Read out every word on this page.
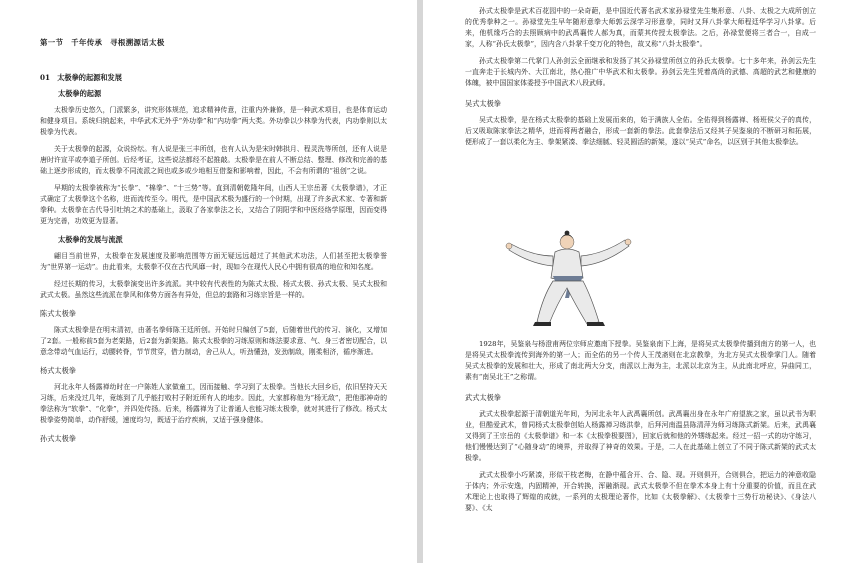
第一节　千年传承　寻根溯源话太极
01　太极拳的起源和发展
太极拳的起源

太极拳历史悠久，门派繁多，讲究形体规范，追求精神传意，注重内外兼修，是一种武术项目，也是体育运动和健身项目。系统归纳起来，中华武术无外乎“外功拳”和“内功拳”两大类。外功拳以少林拳为代表，内功拳则以太极拳为代表。

关于太极拳的起源，众说纷纭。有人说是张三丰所创，也有人认为是宋时韩拱月、程灵洗等所创，还有人说是唐时许宣平或李道子所创。后经考证，这些说法都经不起推敲。太极拳是在前人不断总结、整理、修改和完善的基础上逐步形成的，而太极拳不同流派之间也或多或少地相互借鉴和影响着，因此，不会有所谓的“祖创”之说。

早期的太极拳被称为“长拳”、“棉拳”、“十三势”等。直到清朝乾隆年间，山西人王宗岳著《太极拳谱》，才正式确定了太极拳这个名称，进而流传至今。明代，是中国武术极为盛行的一个时期，出现了许多武术家、专著和新拳种。太极拳在古代导引吐纳之术的基础上，汲取了各家拳法之长，又结合了阴阳学和中医经络学原理，因而变得更为完善，功效更为显著。

太极拳的发展与流派

翩目当前世界，太极拳在发展速度及影响范围等方面无疑远远超过了其他武术功法，人们甚至把太极拳誉为“世界第一运动”。由此看来，太极拳不仅在古代风靡一时，现如今在现代人民心中拥有很高的地位和知名度。

经过长期的传习，太极拳演变出许多流派。其中较有代表性的为陈式太极、杨式太极、孙式太极、吴式太极和武式太极。虽然这些流派在拳风和体势方面各有异处，但总的套路和习练宗旨是一样的。

陈式太极拳

陈式太极拳是在明末清初，由著名拳师陈王廷所创。开始时只编创了5套，后随着世代的传习、演化，又增加了2套。一般称前5套为老架路，后2套为新架路。陈式太极拳的习练原则和练法要求意、气、身三者密切配合，以意念带动气血运行，动腰转脊，节节贯穿，借力制动，舍己从人，听劲懂劲，发劲制敌，刚柔相济，循序渐进。

杨式太极拳

河北永年人杨露禅幼时在一户陈姓人家做童工，因而接触、学习到了太极拳。当他长大回乡后，依旧坚持天天习练，后来没过几年，竟练到了几乎能打败村子附近所有人的地步。因此，大家都称他为“杨无敌”，把他那神奇的拳法称为“软拳”、“化拳”，并四处传扬。后来，杨露禅为了让普通人也能习练太极拳，就对其进行了修改。杨式太极拳姿势简单，动作舒缓，速度均匀，既适于治疗疾病，又适于强身健体。

孙式太极拳

孙式太极拳是武术百花园中的一朵奇葩，是中国近代著名武术家孙禄堂先生集形意、八卦、太极之大成所创立的优秀拳种之一。孙禄堂先生早年随形意拳大师郭云深学习形意拳，同时又拜八卦掌大师程廷华学习八卦掌。后来，他机缘巧合的去照顾病中的武禹襄传人郝为真，而蒙其传授太极拳法。之后，孙禄堂便将三者合一，自成一家，人称“孙氏太极拳”，因内含八卦掌千变万化的特色，故又称“八卦太极拳”。

孙式太极拳第二代掌门人孙剑云全面继承和发扬了其父孙禄堂所创立的孙氏太极拳。七十多年来，孙剑云先生一直奔走于长城内外、大江南北，热心推广中华武术和太极拳。孙剑云先生凭着高尚的武德、高超的武艺和健康的体魄，被中国国家体委授予中国武术八段武师。

吴式太极拳

吴式太极拳，是在杨式太极拳的基础上发展而来的，始于满族人全佑。全佑得到杨露禅、杨班侯父子的真传，后又吸取陈家拳法之精华，进而将两者融合，形成一套新的拳法。此套拳法后又经其子吴鉴泉的不断研习和拓展，便形成了一套以柔化为主、拳架紧凑、拳法细腻、轻灵圆活的新架，遂以“吴式”命名，以区别于其他太极拳法。

1928年，吴鉴泉与杨澄甫两位宗师应邀南下授拳。吴鉴泉南下上海，是将吴式太极拳传播到南方的第一人，也是将吴式太极拳流传到海外的第一人；而全佑的另一个传人王茂斋则在北京教拳，为北方吴式太极拳掌门人。随着吴式太极拳的发展和壮大，形成了南北两大分支，南派以上海为主，北派以北京为主，从此南北呼应，异曲同工，素有“南吴北王”之称谓。

武式太极拳

武式太极拳起源于清朝道光年间，为河北永年人武禹襄所创。武禹襄出身在永年广府望族之家，虽以武书为职业，但酷爱武术，曾同杨式太极拳创始人杨露禅习练洪拳，后拜河南温县陈清萍为师习练陈式新架。后来，武禹襄又得到了王宗岳的《太极拳谱》和一本《太极拳极要图》，回家后就和他的外甥练起来。经过一招一式的功守练习，他们慢慢达到了“心随身动”的境界，并取得了神奇的效果。于是，二人在此基础上创立了不同于陈式新架的武式太极拳。

武式太极拳小巧紧凑，形似干枝老梅，在静中蕴含开、合、隐、现。开则俱开，合则俱合，把运力的神意收隐于体内；外示安逸，内固精神，开合转换，浑融渐现。武式太极拳不但在拳术本身上有十分重要的价值，而且在武术理论上也取得了辉煌的成就，一系列的太极理论著作，比如《太极拳解》、《太极拳十三势行功秘诀》、《身法八要》、《太
